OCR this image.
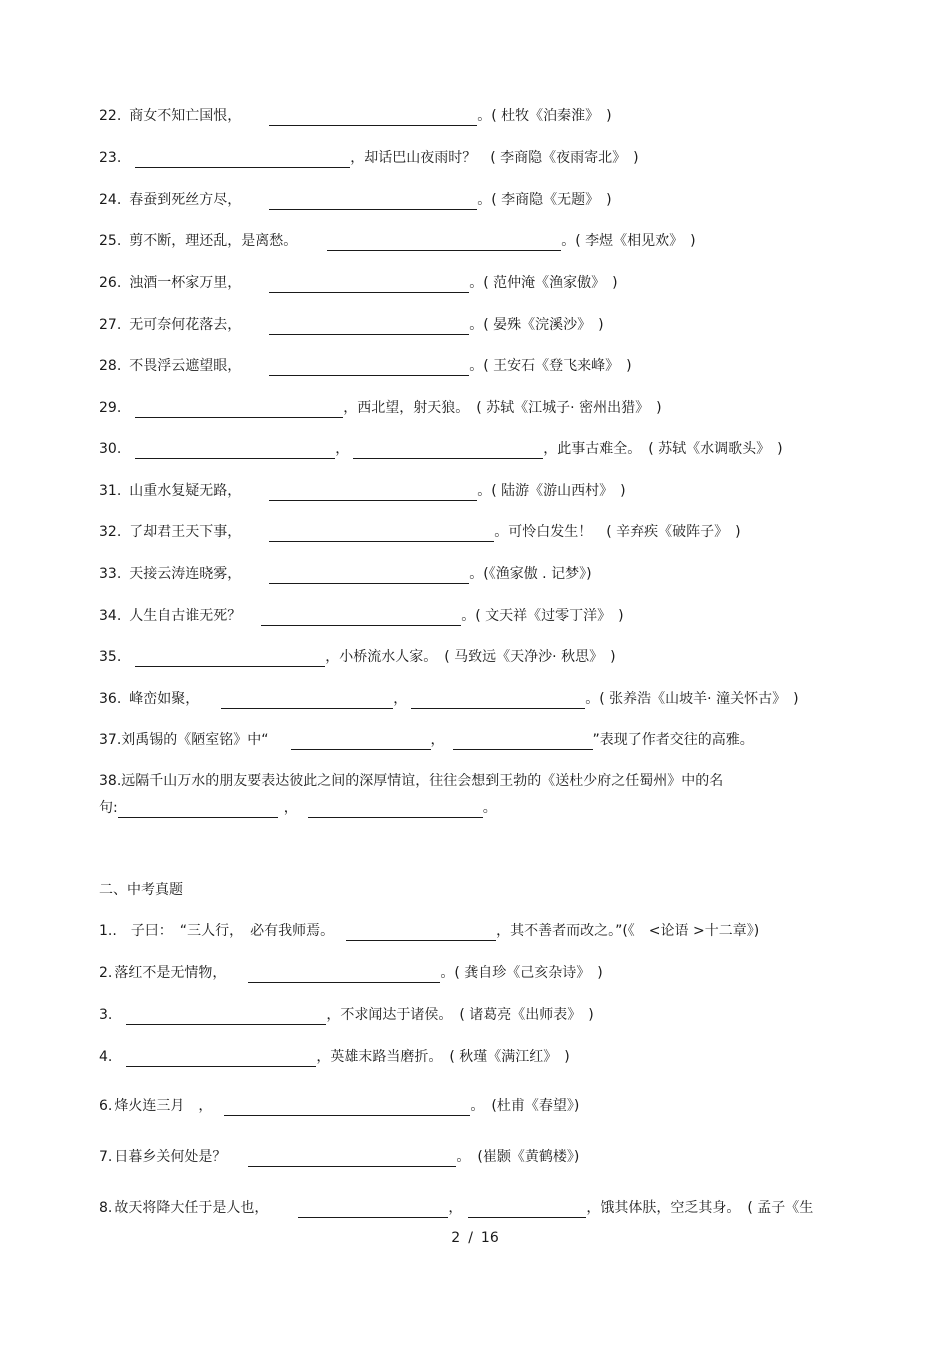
22. 商女不知亡国恨，	。( 杜牧《泊秦淮》　)
23.	，却话巴山夜雨时？　( 李商隐《夜雨寄北》　)
24. 春蚕到死丝方尽，	。( 李商隐《无题》　)
25. 剪不断，理还乱，是离愁。	。( 李煜《相见欢》　)
26. 浊酒一杯家万里，	。( 范仲淹《渔家傲》　)
27. 无可奈何花落去，	。( 晏殊《浣溪沙》　)
28. 不畏浮云遮望眼，	。( 王安石《登飞来峰》　)
29.	，西北望，射天狼。　( 苏轼《江城子· 密州出猎》　)
30.	，	，此事古难全。　( 苏轼《水调歌头》　)
31. 山重水复疑无路，	。( 陆游《游山西村》　)
32. 了却君王天下事，	。可怜白发生！　( 辛弃疾《破阵子》　)
33. 天接云涛连晓雾，	。(《渔家傲 . 记梦》)
34. 人生自古谁无死？	。( 文天祥《过零丁洋》　)
35.	，小桥流水人家。　( 马致远《天净沙· 秋思》　)
36. 峰峦如聚，	，	。( 张养浩《山坡羊· 潼关怀古》　)
37.刘禹锡的《陋室铭》中“	，	”表现了作者交往的高雅。
38.远隔千山万水的朋友要表达彼此之间的深厚情谊，往往会想到王勃的《送杜少府之任蜀州》中的名
句:	，	。
二、中考真题
1.. 子曰：　“三人行，　必有我师焉。	，其不善者而改之。”(《　<论语 >十二章》)
2. 落红不是无情物，	。( 龚自珍《己亥杂诗》　)
3.	，不求闻达于诸侯。　( 诸葛亮《出师表》　)
4.	，英雄末路当磨折。　( 秋瑾《满江红》　)
6. 烽火连三月　，	。　(杜甫《春望》)
7. 日暮乡关何处是？	。　(崔颢《黄鹤楼》)
8. 故天将降大任于是人也，	，	，饿其体肤，空乏其身。　( 孟子《生
2 / 16
